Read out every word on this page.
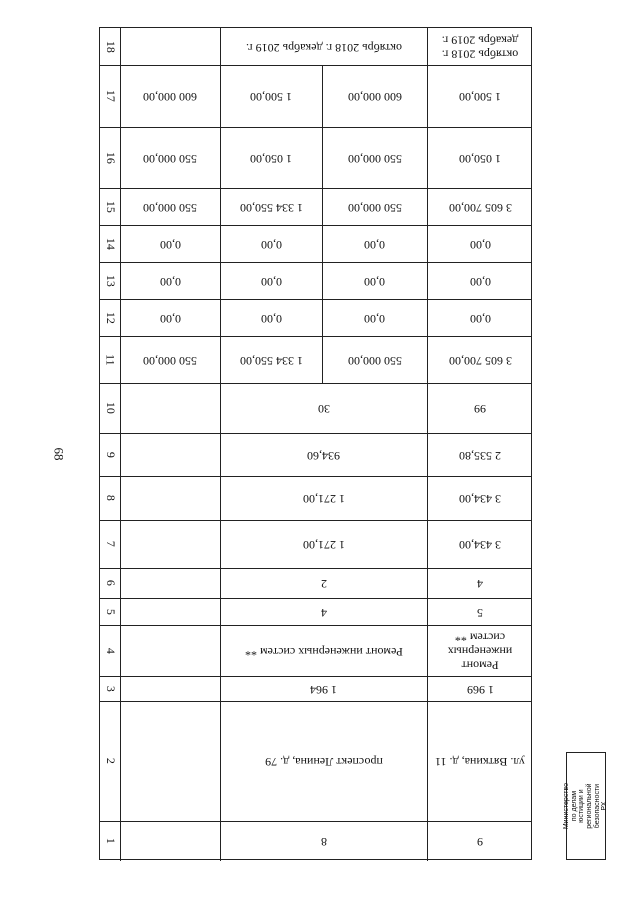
68
18
17
16
15
14
13
12
11
10
9
8
7
6
5
4
3
2
1
октябрь 2018 г. декабрь 2019 г.
600 000,00
550 000,00
550 000,00
0,00
0,00
0,00
550 000,00
1 500,00
1 050,00
1 334 550,00
0,00
0,00
0,00
1 334 550,00
600 000,00
550 000,00
550 000,00
0,00
0,00
0,00
550 000,00
30
934,60
1 271,00
1 271,00
2
4
Ремонт инженерных систем **
1 964
проспект Ленина, д. 79
8
октябрь 2018 г. декабрь 2019 г.
1 500,00
1 050,00
3 605 700,00
0,00
0,00
0,00
3 605 700,00
99
2 535,80
3 434,00
3 434,00
4
5
Ремонт инженерных систем **
1 969
ул. Вяткина, д. 11
9
Министерство по делам юстиции и региональной безопасности РХ
